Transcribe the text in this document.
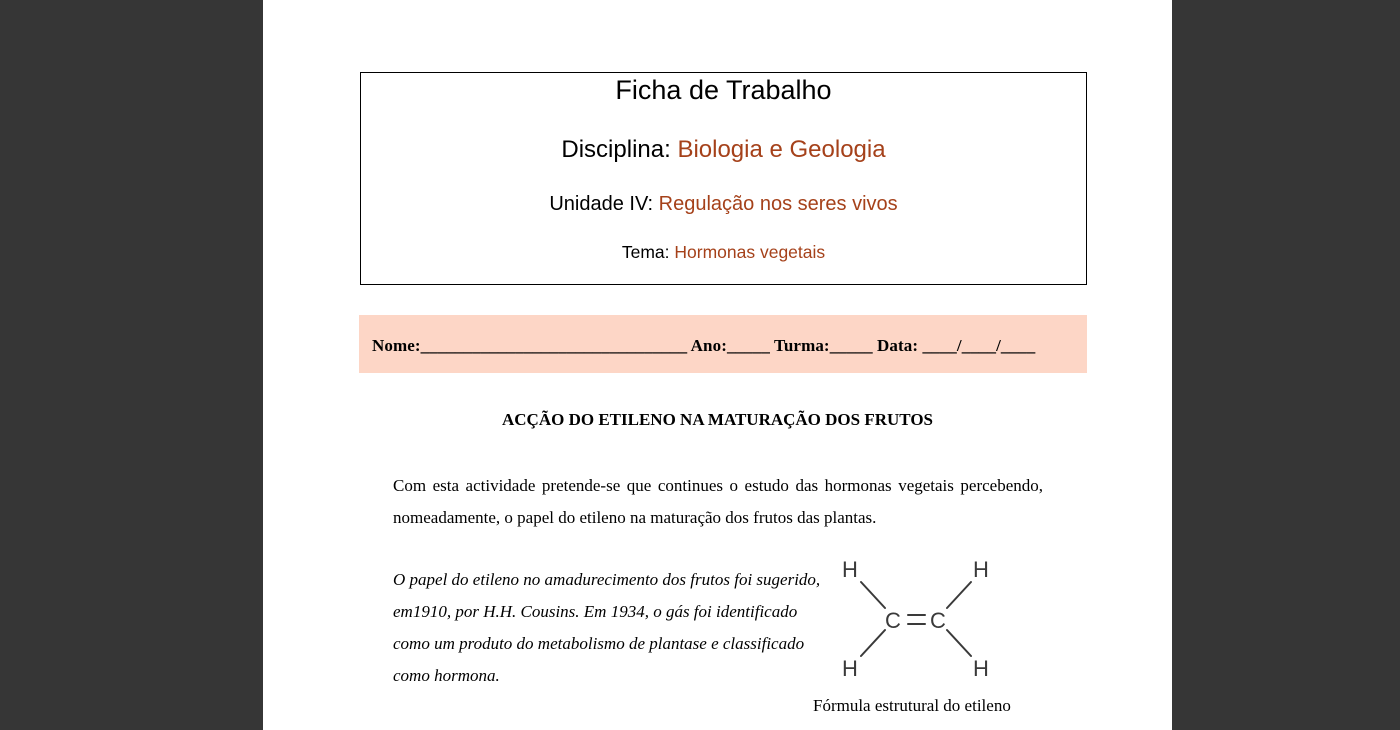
Ficha de Trabalho
Disciplina: Biologia e Geologia
Unidade IV: Regulação nos seres vivos
Tema: Hormonas vegetais
Nome:_______________________________ Ano:_____ Turma:_____ Data: ____/____/____
ACÇÃO DO ETILENO NA MATURAÇÃO DOS FRUTOS
Com esta actividade pretende-se que continues o estudo das hormonas vegetais percebendo, nomeadamente, o papel do etileno na maturação dos frutos das plantas.
O papel do etileno no amadurecimento dos frutos foi sugerido, em1910, por H.H. Cousins. Em 1934, o gás foi identificado como um produto do metabolismo de plantase e classificado como hormona.
H	H
H	H
C C
Fórmula estrutural do etileno
